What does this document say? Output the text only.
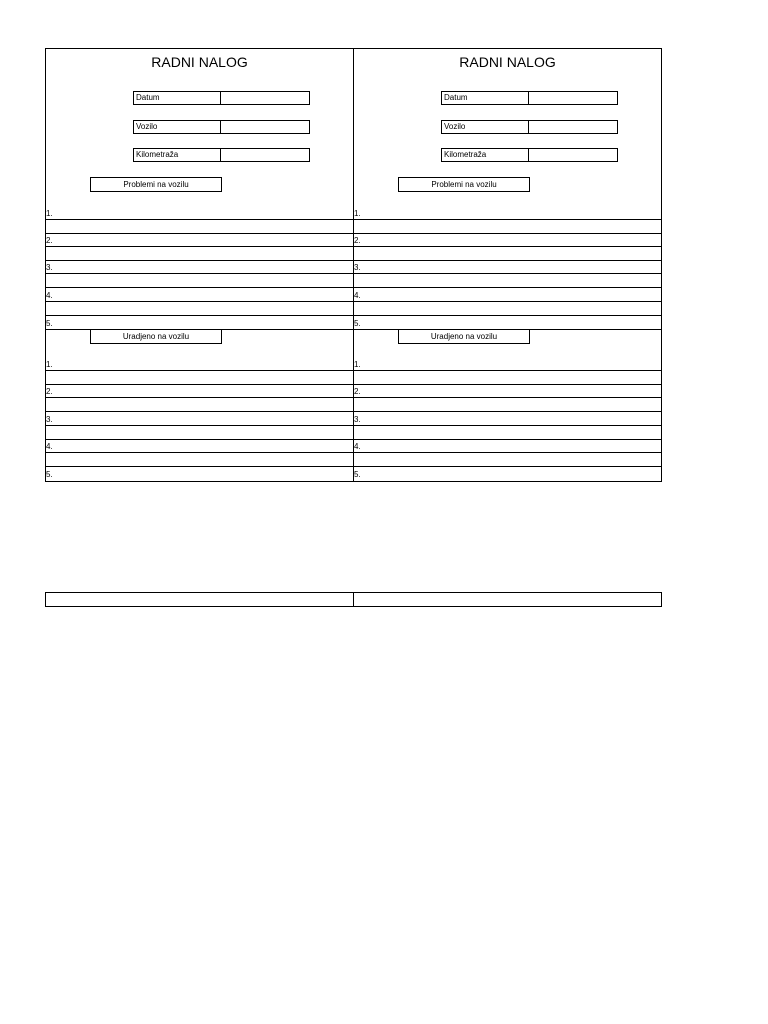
RADNI NALOG
Datum
Vozilo
Kilometraža
Problemi na vozilu
1.
2.
3.
4.
5.
Uradjeno na vozilu
1.
2.
3.
4.
5.
RADNI NALOG
Datum
Vozilo
Kilometraža
Problemi na vozilu
1.
2.
3.
4.
5.
Uradjeno na vozilu
1.
2.
3.
4.
5.
